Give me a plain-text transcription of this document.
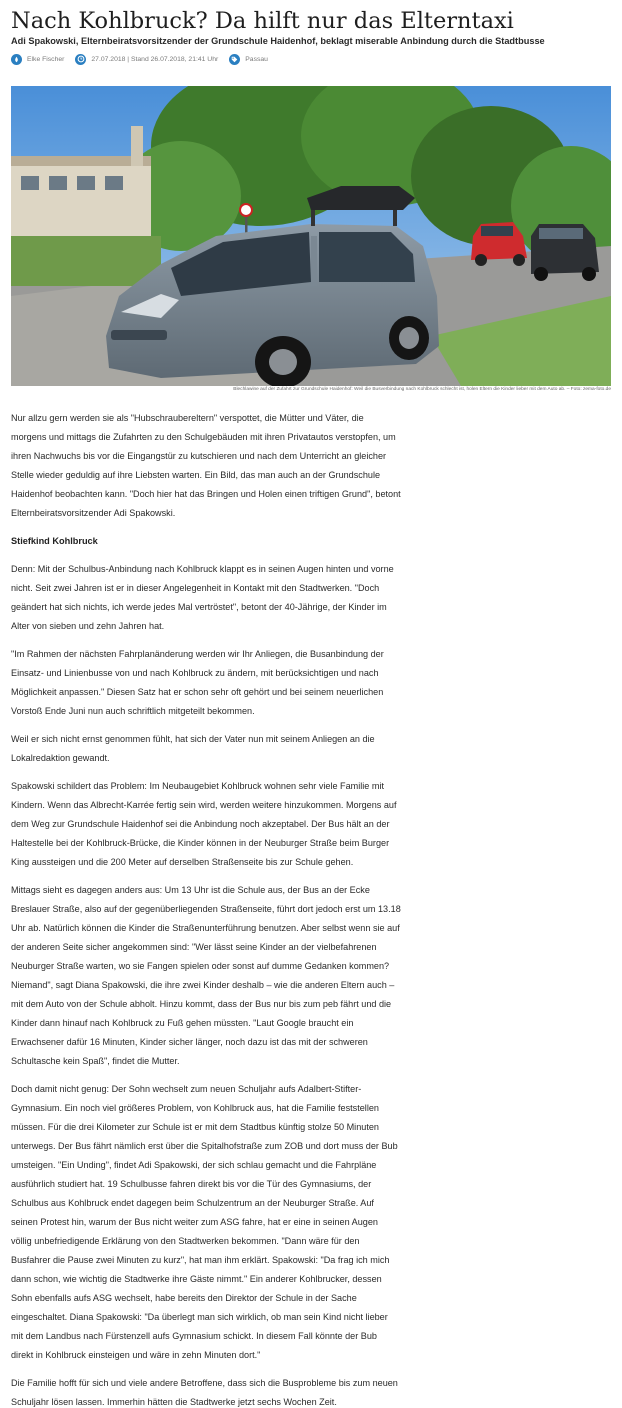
Nach Kohlbruck? Da hilft nur das Elterntaxi
Adi Spakowski, Elternbeiratsvorsitzender der Grundschule Haidenhof, beklagt miserable Anbindung durch die Stadtbusse
Elke Fischer	27.07.2018 | Stand 26.07.2018, 21:41 Uhr	Passau
Blechlawine auf der Zufahrt zur Grundschule Haidenhof: Weil die Busverbindung nach Kohlbruck schlecht ist, holen Eltern die Kinder lieber mit dem Auto ab. – Foto: zema-foto.de

Nur allzu gern werden sie als "Hubschraubereltern" verspottet, die Mütter und Väter, die morgens und mittags die Zufahrten zu den Schulgebäuden mit ihren Privatautos verstopfen, um ihren Nachwuchs bis vor die Eingangstür zu kutschieren und nach dem Unterricht an gleicher Stelle wieder geduldig auf ihre Liebsten warten. Ein Bild, das man auch an der Grundschule Haidenhof beobachten kann. "Doch hier hat das Bringen und Holen einen triftigen Grund", betont Elternbeiratsvorsitzender Adi Spakowski.

Stiefkind Kohlbruck

Denn: Mit der Schulbus-Anbindung nach Kohlbruck klappt es in seinen Augen hinten und vorne nicht. Seit zwei Jahren ist er in dieser Angelegenheit in Kontakt mit den Stadtwerken. "Doch geändert hat sich nichts, ich werde jedes Mal vertröstet", betont der 40-Jährige, der Kinder im Alter von sieben und zehn Jahren hat.

"Im Rahmen der nächsten Fahrplanänderung werden wir Ihr Anliegen, die Busanbindung der Einsatz- und Linienbusse von und nach Kohlbruck zu ändern, mit berücksichtigen und nach Möglichkeit anpassen." Diesen Satz hat er schon sehr oft gehört und bei seinem neuerlichen Vorstoß Ende Juni nun auch schriftlich mitgeteilt bekommen.

Weil er sich nicht ernst genommen fühlt, hat sich der Vater nun mit seinem Anliegen an die Lokalredaktion gewandt.

Spakowski schildert das Problem: Im Neubaugebiet Kohlbruck wohnen sehr viele Familie mit Kindern. Wenn das Albrecht-Karrée fertig sein wird, werden weitere hinzukommen. Morgens auf dem Weg zur Grundschule Haidenhof sei die Anbindung noch akzeptabel. Der Bus hält an der Haltestelle bei der Kohlbruck-Brücke, die Kinder können in der Neuburger Straße beim Burger King aussteigen und die 200 Meter auf derselben Straßenseite bis zur Schule gehen.

Mittags sieht es dagegen anders aus: Um 13 Uhr ist die Schule aus, der Bus an der Ecke Breslauer Straße, also auf der gegenüberliegenden Straßenseite, führt dort jedoch erst um 13.18 Uhr ab. Natürlich können die Kinder die Straßenunterführung benutzen. Aber selbst wenn sie auf der anderen Seite sicher angekommen sind: "Wer lässt seine Kinder an der vielbefahrenen Neuburger Straße warten, wo sie Fangen spielen oder sonst auf dumme Gedanken kommen? Niemand", sagt Diana Spakowski, die ihre zwei Kinder deshalb – wie die anderen Eltern auch – mit dem Auto von der Schule abholt. Hinzu kommt, dass der Bus nur bis zum peb fährt und die Kinder dann hinauf nach Kohlbruck zu Fuß gehen müssten. "Laut Google braucht ein Erwachsener dafür 16 Minuten, Kinder sicher länger, noch dazu ist das mit der schweren Schultasche kein Spaß", findet die Mutter.

Doch damit nicht genug: Der Sohn wechselt zum neuen Schuljahr aufs Adalbert-Stifter-Gymnasium. Ein noch viel größeres Problem, von Kohlbruck aus, hat die Familie feststellen müssen. Für die drei Kilometer zur Schule ist er mit dem Stadtbus künftig stolze 50 Minuten unterwegs. Der Bus fährt nämlich erst über die Spitalhofstraße zum ZOB und dort muss der Bub umsteigen. "Ein Unding", findet Adi Spakowski, der sich schlau gemacht und die Fahrpläne ausführlich studiert hat. 19 Schulbusse fahren direkt bis vor die Tür des Gymnasiums, der Schulbus aus Kohlbruck endet dagegen beim Schulzentrum an der Neuburger Straße. Auf seinen Protest hin, warum der Bus nicht weiter zum ASG fahre, hat er eine in seinen Augen völlig unbefriedigende Erklärung von den Stadtwerken bekommen. "Dann wäre für den Busfahrer die Pause zwei Minuten zu kurz", hat man ihm erklärt. Spakowski: "Da frag ich mich dann schon, wie wichtig die Stadtwerke ihre Gäste nimmt." Ein anderer Kohlbrucker, dessen Sohn ebenfalls aufs ASG wechselt, habe bereits den Direktor der Schule in der Sache eingeschaltet. Diana Spakowski: "Da überlegt man sich wirklich, ob man sein Kind nicht lieber mit dem Landbus nach Fürstenzell aufs Gymnasium schickt. In diesem Fall könnte der Bub direkt in Kohlbruck einsteigen und wäre in zehn Minuten dort."

Die Familie hofft für sich und viele andere Betroffene, dass sich die Busprobleme bis zum neuen Schuljahr lösen lassen. Immerhin hätten die Stadtwerke jetzt sechs Wochen Zeit.
